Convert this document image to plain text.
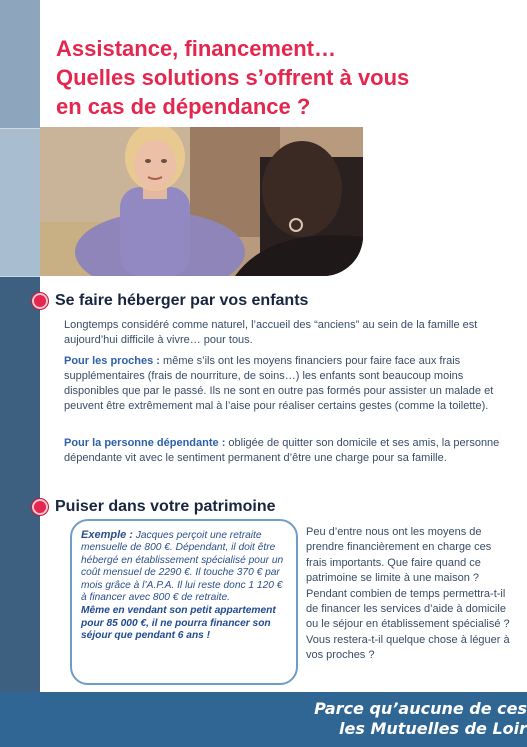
Assistance, financement…
Quelles solutions s’offrent à vous
en cas de dépendance ?
Se faire héberger par vos enfants

Longtemps considéré comme naturel, l’accueil des “anciens” au sein de la famille est aujourd’hui difficile à vivre… pour tous.

Pour les proches : même s’ils ont les moyens financiers pour faire face aux frais supplémentaires (frais de nourriture, de soins…) les enfants sont beaucoup moins disponibles que par le passé. Ils ne sont en outre pas formés pour assister un malade et peuvent être extrêmement mal à l’aise pour réaliser certains gestes (comme la toilette).

Pour la personne dépendante : obligée de quitter son domicile et ses amis, la personne dépendante vit avec le sentiment permanent d’être une charge pour sa famille.

Puiser dans votre patrimoine

Exemple : Jacques perçoit une retraite mensuelle de 800 €. Dépendant, il doit être hébergé en établissement spécialisé pour un coût mensuel de 2290 €. Il touche 370 € par mois grâce à l’A.P.A. Il lui reste donc 1 120 € à financer avec 800 € de retraite.

Même en vendant son petit appartement pour 85 000 €, il ne pourra financer son séjour que pendant 6 ans !

Peu d’entre nous ont les moyens de prendre financièrement en charge ces frais importants. Que faire quand ce patrimoine se limite à une maison ? Pendant combien de temps permettra-t-il de financer les services d’aide à domicile ou le séjour en établissement spécialisé ? Vous restera-t-il quelque chose à léguer à vos proches ?

Parce qu’aucune de ces
les Mutuelles de Loir
